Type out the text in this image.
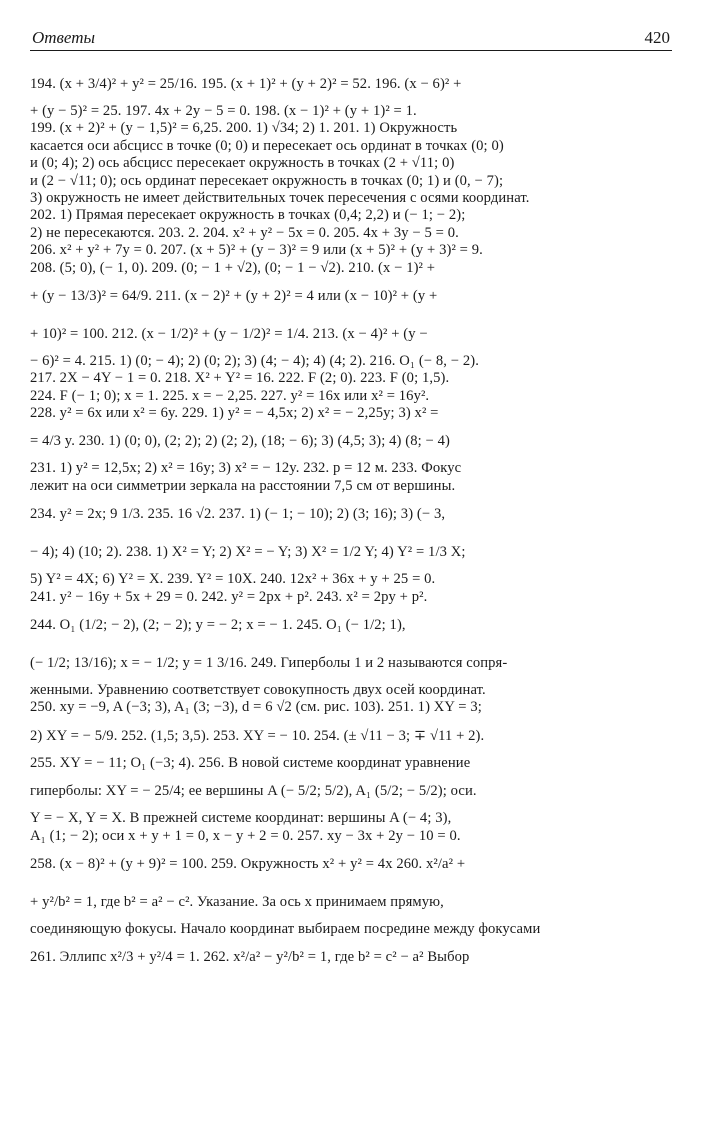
Ответы	420
194. (x + 3/4)² + y² = 25/16. 195. (x + 1)² + (y + 2)² = 52. 196. (x − 6)² +
+ (y − 5)² = 25. 197. 4x + 2y − 5 = 0. 198. (x − 1)² + (y + 1)² = 1.
199. (x + 2)² + (y − 1,5)² = 6,25. 200. 1) √34; 2) 1. 201. 1) Окружность
касается оси абсцисс в точке (0; 0) и пересекает ось ординат в точках (0; 0)
и (0; 4); 2) ось абсцисс пересекает окружность в точках (2 + √11; 0)
и (2 − √11; 0); ось ординат пересекает окружность в точках (0; 1) и (0, − 7);
3) окружность не имеет действительных точек пересечения с осями координат.
202. 1) Прямая пересекает окружность в точках (0,4; 2,2) и (− 1; − 2);
2) не пересекаются. 203. 2. 204. x² + y² − 5x = 0. 205. 4x + 3y − 5 = 0.
206. x² + y² + 7y = 0. 207. (x + 5)² + (y − 3)² = 9 или (x + 5)² + (y + 3)² = 9.
208. (5; 0), (− 1, 0). 209. (0; − 1 + √2), (0; − 1 − √2). 210. (x − 1)² +
+ (y − 13/3)² = 64/9. 211. (x − 2)² + (y + 2)² = 4 или (x − 10)² + (y +
+ 10)² = 100. 212. (x − 1/2)² + (y − 1/2)² = 1/4. 213. (x − 4)² + (y −
− 6)² = 4. 215. 1) (0; − 4); 2) (0; 2); 3) (4; − 4); 4) (4; 2). 216. O₁ (− 8, − 2).
217. 2X − 4Y − 1 = 0. 218. X² + Y² = 16. 222. F (2; 0). 223. F (0; 1,5).
224. F (− 1; 0); x = 1. 225. x = − 2,25. 227. y² = 16x или x² = 16y².
228. y² = 6x или x² = 6y. 229. 1) y² = − 4,5x; 2) x² = − 2,25y; 3) x² =
= 4/3 y. 230. 1) (0; 0), (2; 2); 2) (2; 2), (18; − 6); 3) (4,5; 3); 4) (8; − 4)
231. 1) y² = 12,5x; 2) x² = 16y; 3) x² = − 12y. 232. p = 12 м. 233. Фокус
лежит на оси симметрии зеркала на расстоянии 7,5 см от вершины.
234. y² = 2x; 9 1/3. 235. 16 √2. 237. 1) (− 1; − 10); 2) (3; 16); 3) (− 3,
− 4); 4) (10; 2). 238. 1) X² = Y; 2) X² = − Y; 3) X² = 1/2 Y; 4) Y² = 1/3 X;
5) Y² = 4X; 6) Y² = X. 239. Y² = 10X. 240. 12x² + 36x + y + 25 = 0.
241. y² − 16y + 5x + 29 = 0. 242. y² = 2px + p². 243. x² = 2py + p².
244. O₁ (1/2; − 2), (2; − 2); y = − 2; x = − 1. 245. O₁ (− 1/2; 1),
(− 1/2; 13/16); x = − 1/2; y = 1 3/16. 249. Гиперболы 1 и 2 называются сопря-
женными. Уравнению соответствует совокупность двух осей координат.
250. xy = −9, A (−3; 3), A₁ (3; −3), d = 6 √2 (см. рис. 103). 251. 1) XY = 3;
2) XY = − 5/9. 252. (1,5; 3,5). 253. XY = − 10. 254. (± √11 − 3; ∓ √11 + 2).
255. XY = − 11; O₁ (−3; 4). 256. В новой системе координат уравнение
гиперболы: XY = − 25/4; ее вершины A (− 5/2; 5/2), A₁ (5/2; − 5/2); оси.
Y = − X, Y = X. В прежней системе координат: вершины A (− 4; 3),
A₁ (1; − 2); оси x + y + 1 = 0, x − y + 2 = 0. 257. xy − 3x + 2y − 10 = 0.
258. (x − 8)² + (y + 9)² = 100. 259. Окружность x² + y² = 4x 260. x²/a² +
+ y²/b² = 1, где b² = a² − c². Указание. За ось x принимаем прямую,
соединяющую фокусы. Начало координат выбираем посредине между фокусами
261. Эллипс x²/3 + y²/4 = 1. 262. x²/a² − y²/b² = 1, где b² = c² − a² Выбор
